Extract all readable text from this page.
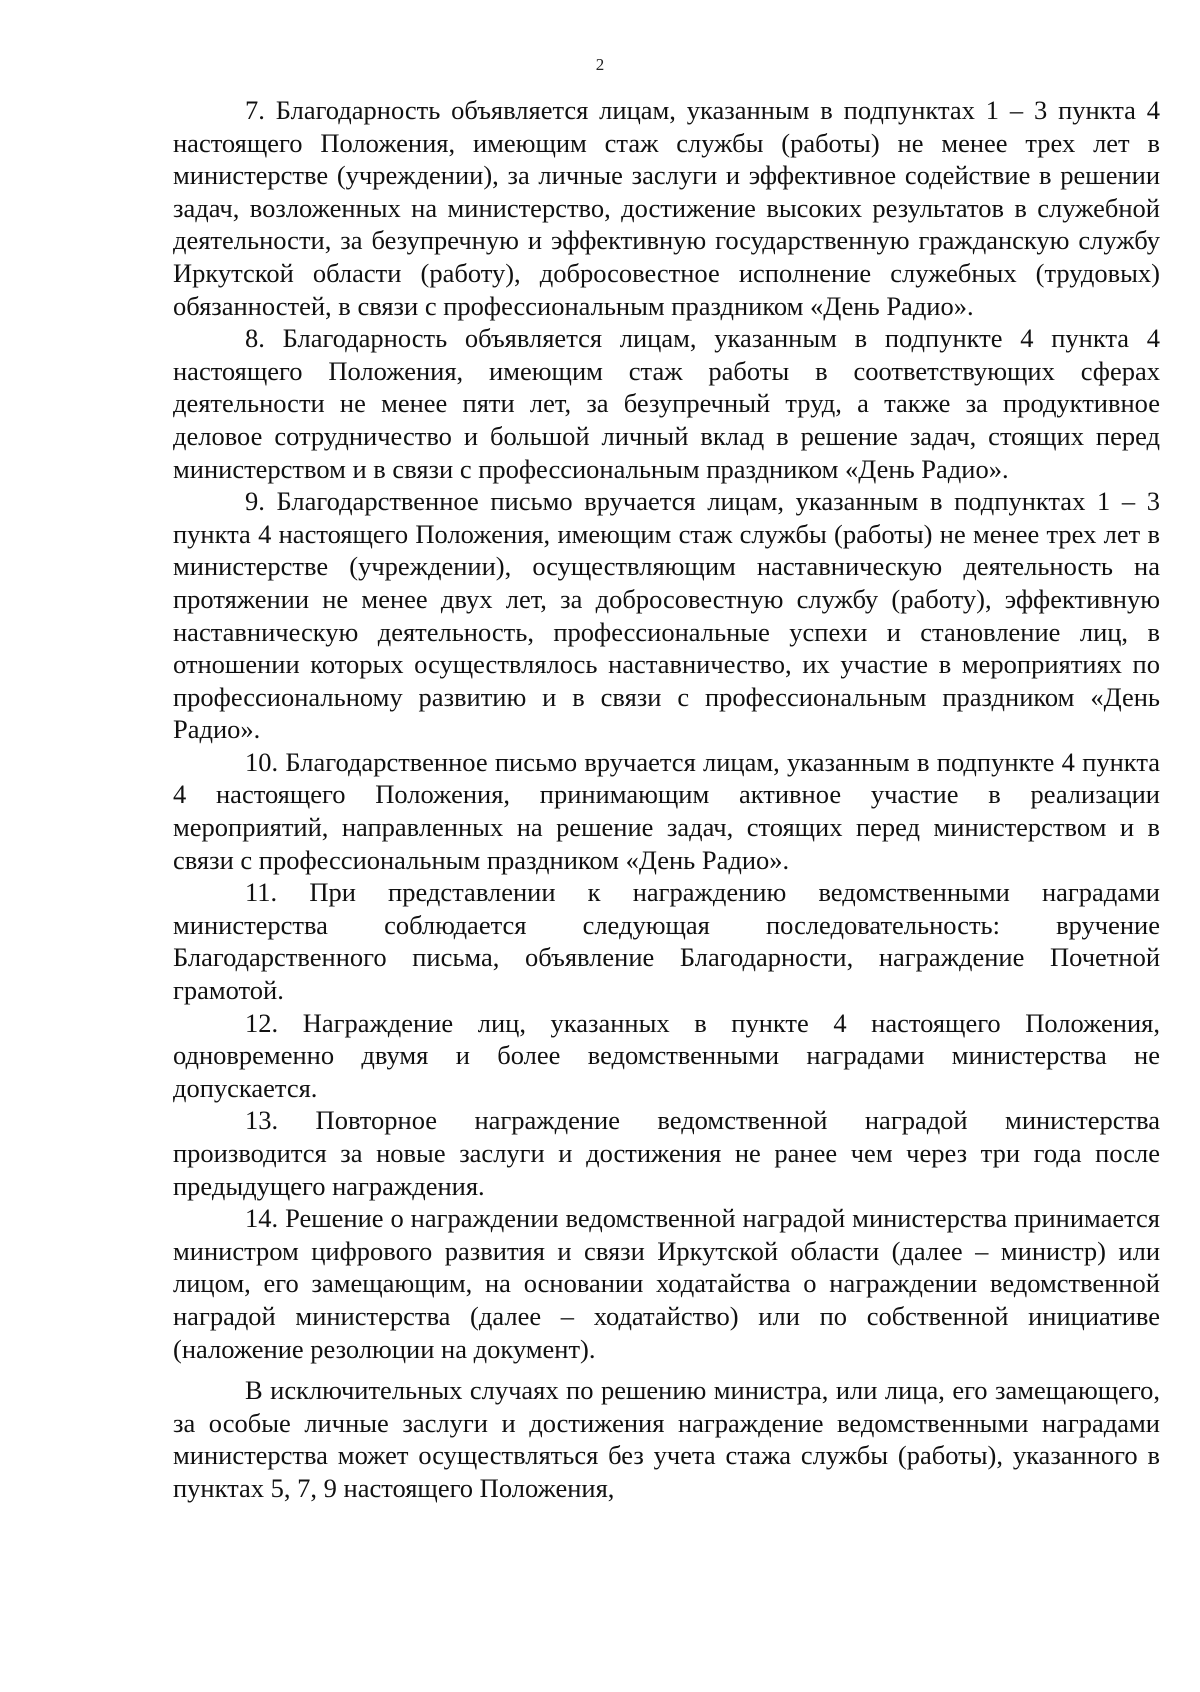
2

7. Благодарность объявляется лицам, указанным в подпунктах 1 – 3 пункта 4 настоящего Положения, имеющим стаж службы (работы) не менее трех лет в министерстве (учреждении), за личные заслуги и эффективное содействие в решении задач, возложенных на министерство, достижение высоких результатов в служебной деятельности, за безупречную и эффективную государственную гражданскую службу Иркутской области (работу), добросовестное исполнение служебных (трудовых) обязанностей, в связи с профессиональным праздником «День Радио».

8. Благодарность объявляется лицам, указанным в подпункте 4 пункта 4 настоящего Положения, имеющим стаж работы в соответствующих сферах деятельности не менее пяти лет, за безупречный труд, а также за продуктивное деловое сотрудничество и большой личный вклад в решение задач, стоящих перед министерством и в связи с профессиональным праздником «День Радио».

9. Благодарственное письмо вручается лицам, указанным в подпунктах 1 – 3 пункта 4 настоящего Положения, имеющим стаж службы (работы) не менее трех лет в министерстве (учреждении), осуществляющим наставническую деятельность на протяжении не менее двух лет, за добросовестную службу (работу), эффективную наставническую деятельность, профессиональные успехи и становление лиц, в отношении которых осуществлялось наставничество, их участие в мероприятиях по профессиональному развитию и в связи с профессиональным праздником «День Радио».

10. Благодарственное письмо вручается лицам, указанным в подпункте 4 пункта 4 настоящего Положения, принимающим активное участие в реализации мероприятий, направленных на решение задач, стоящих перед министерством и в связи с профессиональным праздником «День Радио».

11. При представлении к награждению ведомственными наградами министерства соблюдается следующая последовательность: вручение Благодарственного письма, объявление Благодарности, награждение Почетной грамотой.

12. Награждение лиц, указанных в пункте 4 настоящего Положения, одновременно двумя и более ведомственными наградами министерства не допускается.

13. Повторное награждение ведомственной наградой министерства производится за новые заслуги и достижения не ранее чем через три года после предыдущего награждения.

14. Решение о награждении ведомственной наградой министерства принимается министром цифрового развития и связи Иркутской области (далее – министр) или лицом, его замещающим, на основании ходатайства о награждении ведомственной наградой министерства (далее – ходатайство) или по собственной инициативе (наложение резолюции на документ).

В исключительных случаях по решению министра, или лица, его замещающего, за особые личные заслуги и достижения награждение ведомственными наградами министерства может осуществляться без учета стажа службы (работы), указанного в пунктах 5, 7, 9 настоящего Положения,
